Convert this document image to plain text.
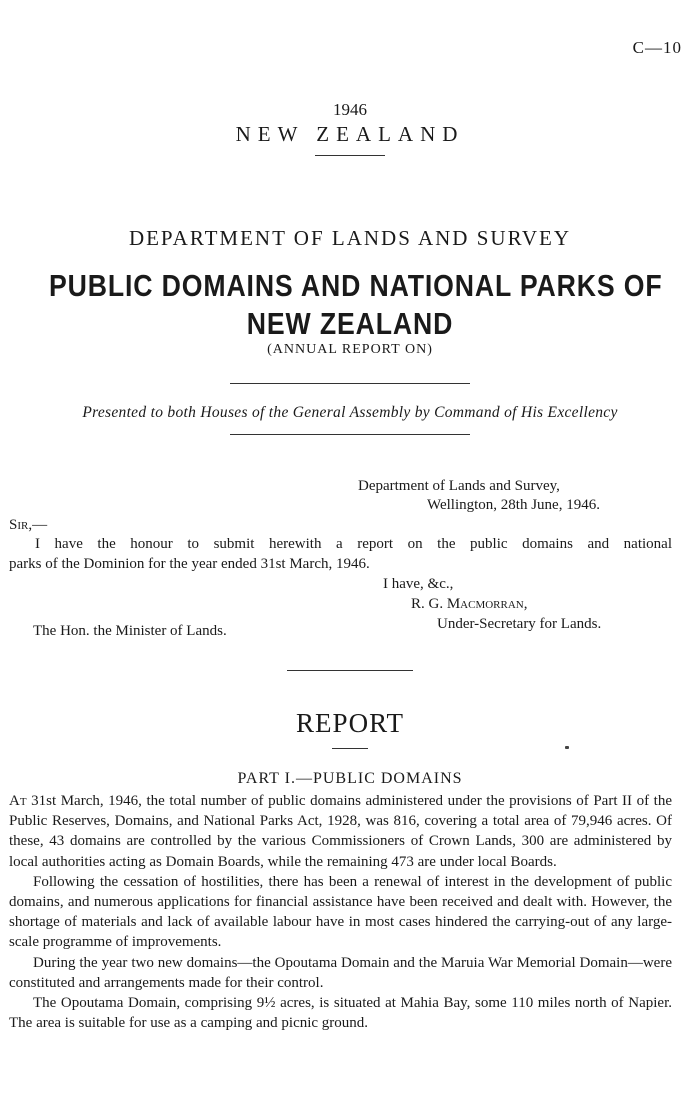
C—10
1946
NEW ZEALAND
DEPARTMENT OF LANDS AND SURVEY
PUBLIC DOMAINS AND NATIONAL PARKS OF
NEW ZEALAND
(ANNUAL REPORT ON)
Presented to both Houses of the General Assembly by Command of His Excellency
Department of Lands and Survey,
Wellington, 28th June, 1946.
Sir,—
I have the honour to submit herewith a report on the public domains and national
parks of the Dominion for the year ended 31st March, 1946.
I have, &c.,
R. G. Macmorran,
Under-Secretary for Lands.
The Hon. the Minister of Lands.
REPORT
PART I.—PUBLIC DOMAINS

At 31st March, 1946, the total number of public domains administered under the provisions of Part II of the Public Reserves, Domains, and National Parks Act, 1928, was 816, covering a total area of 79,946 acres. Of these, 43 domains are controlled by the various Commissioners of Crown Lands, 300 are administered by local authorities acting as Domain Boards, while the remaining 473 are under local Boards.

Following the cessation of hostilities, there has been a renewal of interest in the development of public domains, and numerous applications for financial assistance have been received and dealt with. However, the shortage of materials and lack of available labour have in most cases hindered the carrying-out of any large-scale programme of improvements.

During the year two new domains—the Opoutama Domain and the Maruia War Memorial Domain—were constituted and arrangements made for their control.

The Opoutama Domain, comprising 9½ acres, is situated at Mahia Bay, some 110 miles north of Napier. The area is suitable for use as a camping and picnic ground.
